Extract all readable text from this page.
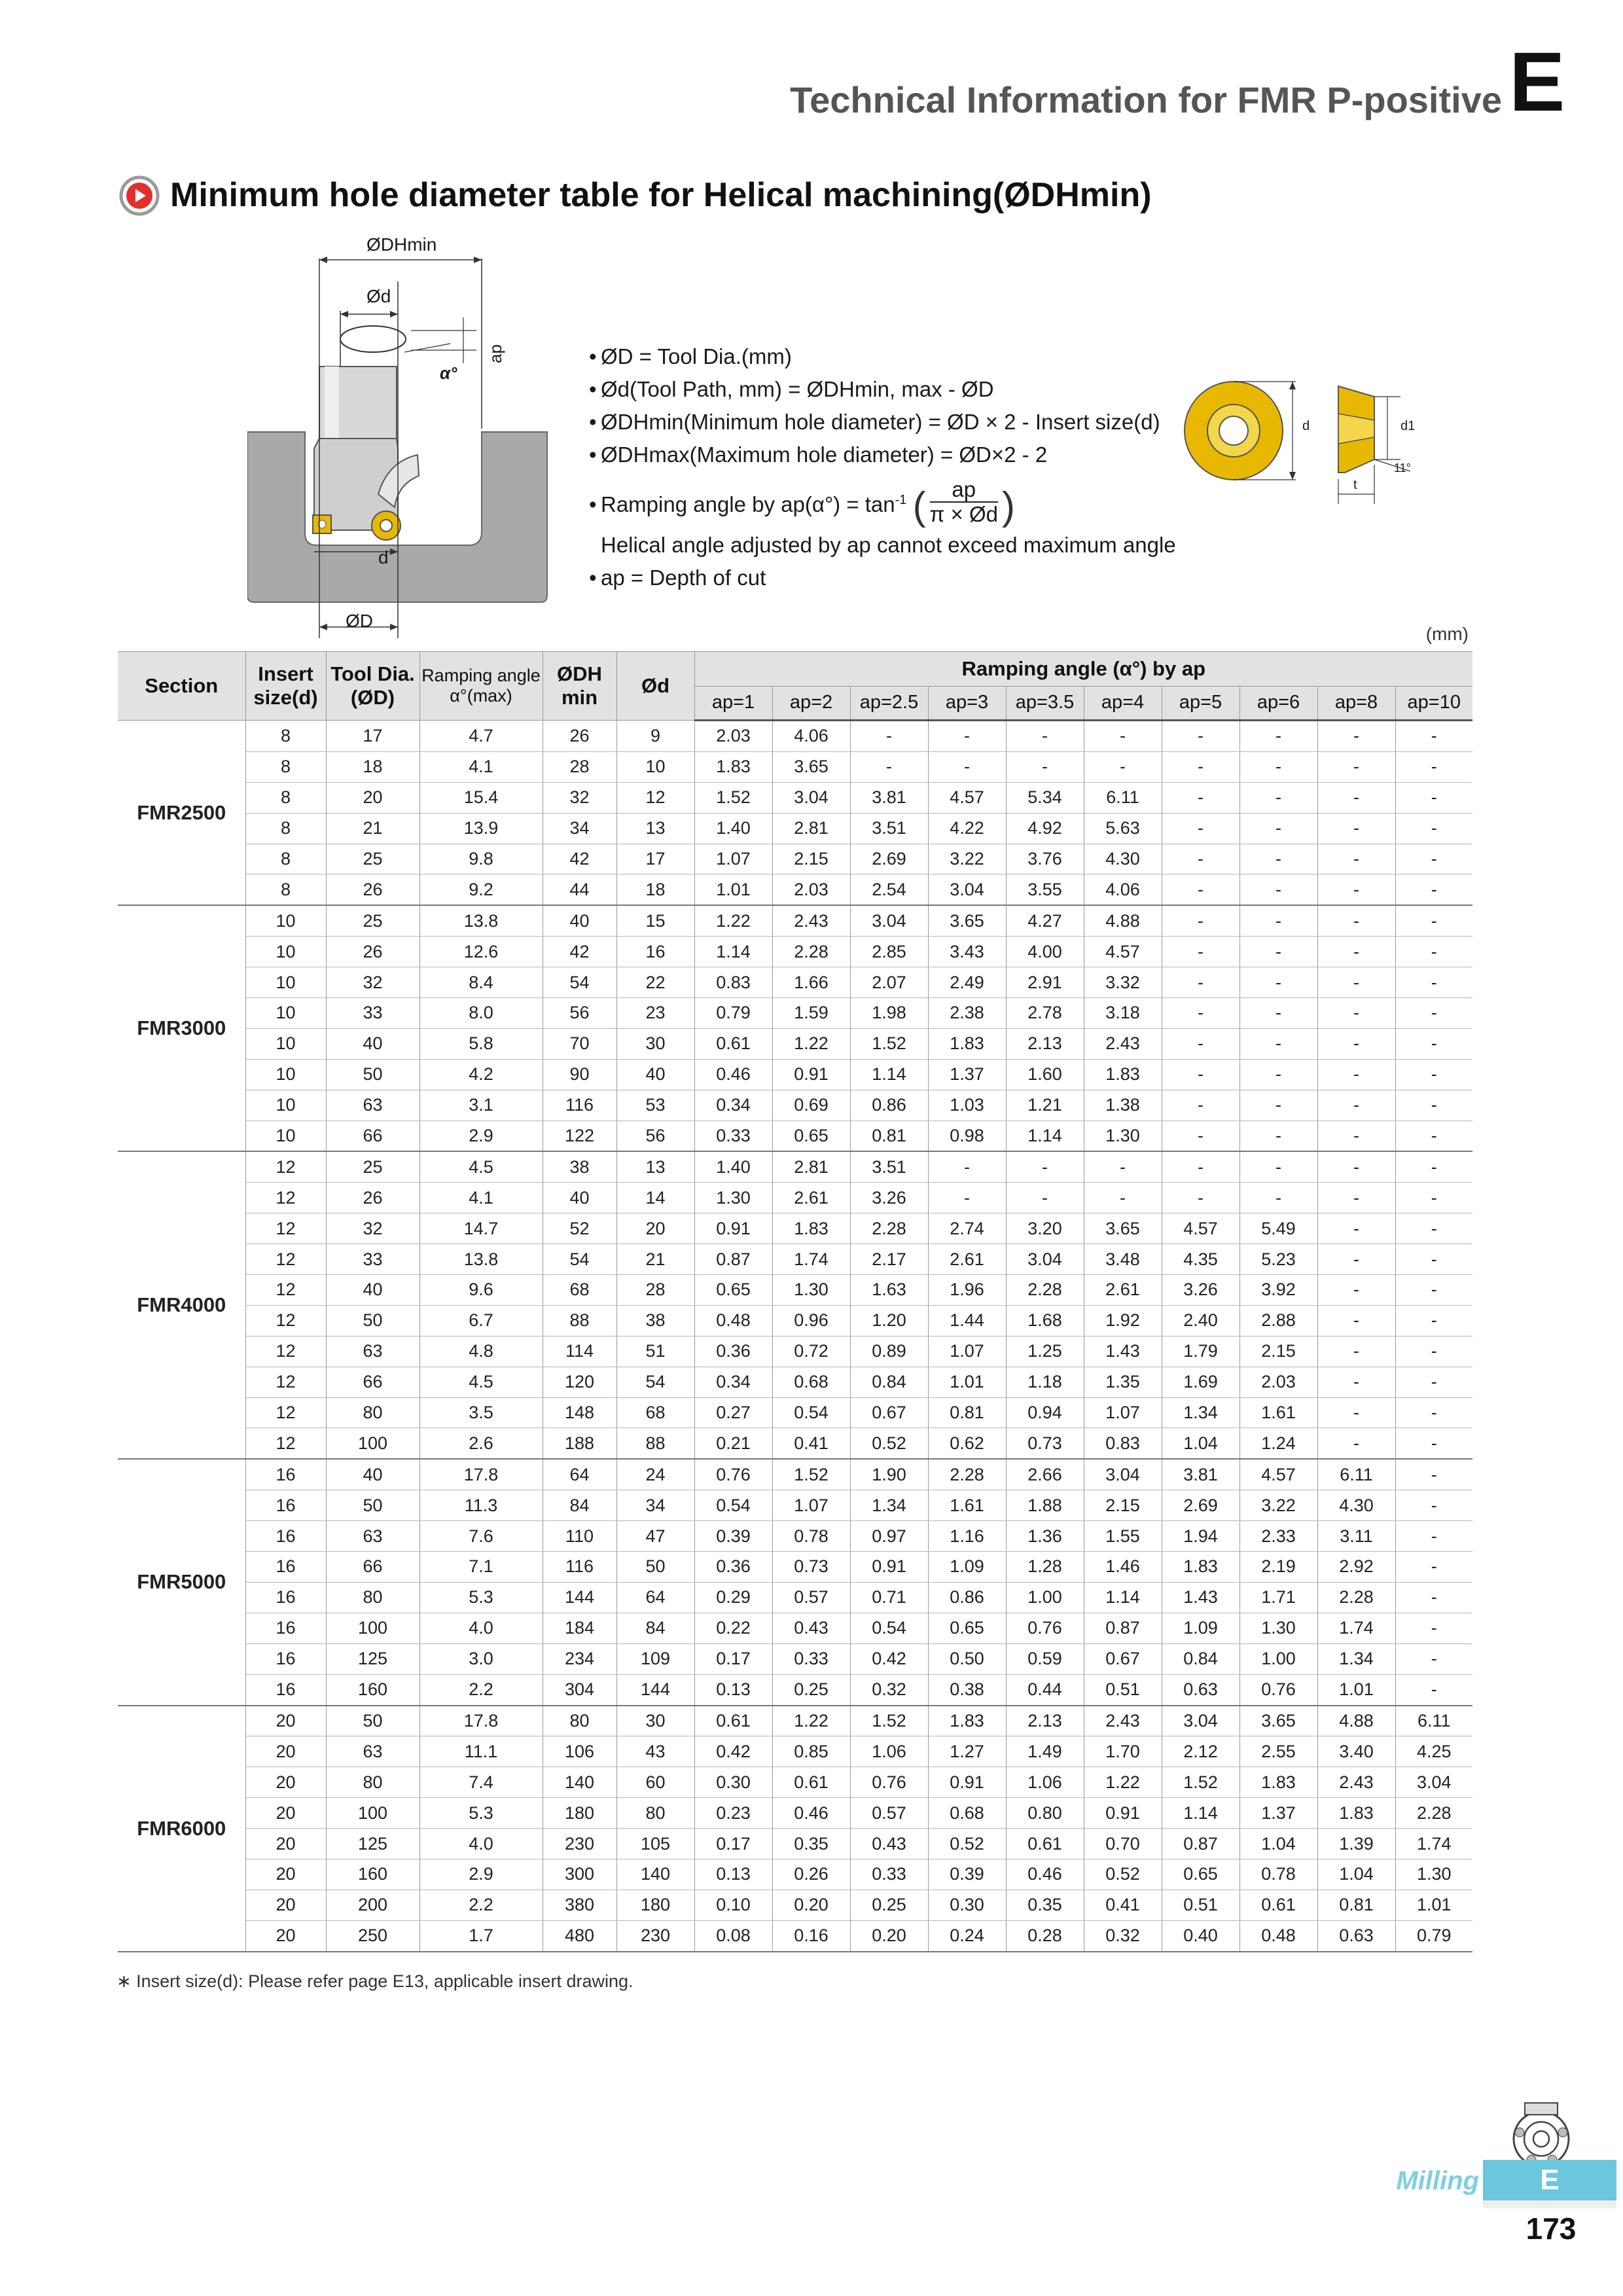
Technical Information for FMR P-positive E
Minimum hole diameter table for Helical machining(ØDHmin)
ØDHmin
Ød
α°
ap
d
ØD
• ØD = Tool Dia.(mm)
• Ød(Tool Path, mm) = ØDHmin, max - ØD
• ØDHmin(Minimum hole diameter) = ØD × 2 - Insert size(d)
• ØDHmax(Maximum hole diameter) = ØD×2 - 2
• Ramping angle by $ap(\alpha^\circ) = \tan^{-1}$ ( $\frac{ap}{\pi \times Ød}$ )
Helical angle adjusted by ap cannot exceed maximum angle
• ap = Depth of cut
d	d1
t
11°
(mm)
Section	Insert size(d)	Tool Dia. (ØD)	Ramping angle α°(max)	ØDH min	Ød	Ramping angle (α°) by ap									
						ap=1	ap=2	ap=2.5	ap=3	ap=3.5	ap=4	ap=5	ap=6	ap=8	ap=10
FMR2500	8	17	4.7	26	9	2.03	4.06	-	-	-	-	-	-	-	-
	8	18	4.1	28	10	1.83	3.65	-	-	-	-	-	-	-	-
	8	20	15.4	32	12	1.52	3.04	3.81	4.57	5.34	6.11	-	-	-	-
	8	21	13.9	34	13	1.40	2.81	3.51	4.22	4.92	5.63	-	-	-	-
	8	25	9.8	42	17	1.07	2.15	2.69	3.22	3.76	4.30	-	-	-	-
	8	26	9.2	44	18	1.01	2.03	2.54	3.04	3.55	4.06	-	-	-	-
FMR3000	10	25	13.8	40	15	1.22	2.43	3.04	3.65	4.27	4.88	-	-	-	-
	10	26	12.6	42	16	1.14	2.28	2.85	3.43	4.00	4.57	-	-	-	-
	10	32	8.4	54	22	0.83	1.66	2.07	2.49	2.91	3.32	-	-	-	-
	10	33	8.0	56	23	0.79	1.59	1.98	2.38	2.78	3.18	-	-	-	-
	10	40	5.8	70	30	0.61	1.22	1.52	1.83	2.13	2.43	-	-	-	-
	10	50	4.2	90	40	0.46	0.91	1.14	1.37	1.60	1.83	-	-	-	-
	10	63	3.1	116	53	0.34	0.69	0.86	1.03	1.21	1.38	-	-	-	-
	10	66	2.9	122	56	0.33	0.65	0.81	0.98	1.14	1.30	-	-	-	-
FMR4000	12	25	4.5	38	13	1.40	2.81	3.51	-	-	-	-	-	-	-
	12	26	4.1	40	14	1.30	2.61	3.26	-	-	-	-	-	-	-
	12	32	14.7	52	20	0.91	1.83	2.28	2.74	3.20	3.65	4.57	5.49	-	-
	12	33	13.8	54	21	0.87	1.74	2.17	2.61	3.04	3.48	4.35	5.23	-	-
	12	40	9.6	68	28	0.65	1.30	1.63	1.96	2.28	2.61	3.26	3.92	-	-
	12	50	6.7	88	38	0.48	0.96	1.20	1.44	1.68	1.92	2.40	2.88	-	-
	12	63	4.8	114	51	0.36	0.72	0.89	1.07	1.25	1.43	1.79	2.15	-	-
	12	66	4.5	120	54	0.34	0.68	0.84	1.01	1.18	1.35	1.69	2.03	-	-
	12	80	3.5	148	68	0.27	0.54	0.67	0.81	0.94	1.07	1.34	1.61	-	-
	12	100	2.6	188	88	0.21	0.41	0.52	0.62	0.73	0.83	1.04	1.24	-	-
FMR5000	16	40	17.8	64	24	0.76	1.52	1.90	2.28	2.66	3.04	3.81	4.57	6.11	-
	16	50	11.3	84	34	0.54	1.07	1.34	1.61	1.88	2.15	2.69	3.22	4.30	-
	16	63	7.6	110	47	0.39	0.78	0.97	1.16	1.36	1.55	1.94	2.33	3.11	-
	16	66	7.1	116	50	0.36	0.73	0.91	1.09	1.28	1.46	1.83	2.19	2.92	-
	16	80	5.3	144	64	0.29	0.57	0.71	0.86	1.00	1.14	1.43	1.71	2.28	-
	16	100	4.0	184	84	0.22	0.43	0.54	0.65	0.76	0.87	1.09	1.30	1.74	-
	16	125	3.0	234	109	0.17	0.33	0.42	0.50	0.59	0.67	0.84	1.00	1.34	-
	16	160	2.2	304	144	0.13	0.25	0.32	0.38	0.44	0.51	0.63	0.76	1.01	-
FMR6000	20	50	17.8	80	30	0.61	1.22	1.52	1.83	2.13	2.43	3.04	3.65	4.88	6.11
	20	63	11.1	106	43	0.42	0.85	1.06	1.27	1.49	1.70	2.12	2.55	3.40	4.25
	20	80	7.4	140	60	0.30	0.61	0.76	0.91	1.06	1.22	1.52	1.83	2.43	3.04
	20	100	5.3	180	80	0.23	0.46	0.57	0.68	0.80	0.91	1.14	1.37	1.83	2.28
	20	125	4.0	230	105	0.17	0.35	0.43	0.52	0.61	0.70	0.87	1.04	1.39	1.74
	20	160	2.9	300	140	0.13	0.26	0.33	0.39	0.46	0.52	0.65	0.78	1.04	1.30
	20	200	2.2	380	180	0.10	0.20	0.25	0.30	0.35	0.41	0.51	0.61	0.81	1.01
	20	250	1.7	480	230	0.08	0.16	0.20	0.24	0.28	0.32	0.40	0.48	0.63	0.79
∗ Insert size(d): Please refer page E13, applicable insert drawing.
Milling	E
173
